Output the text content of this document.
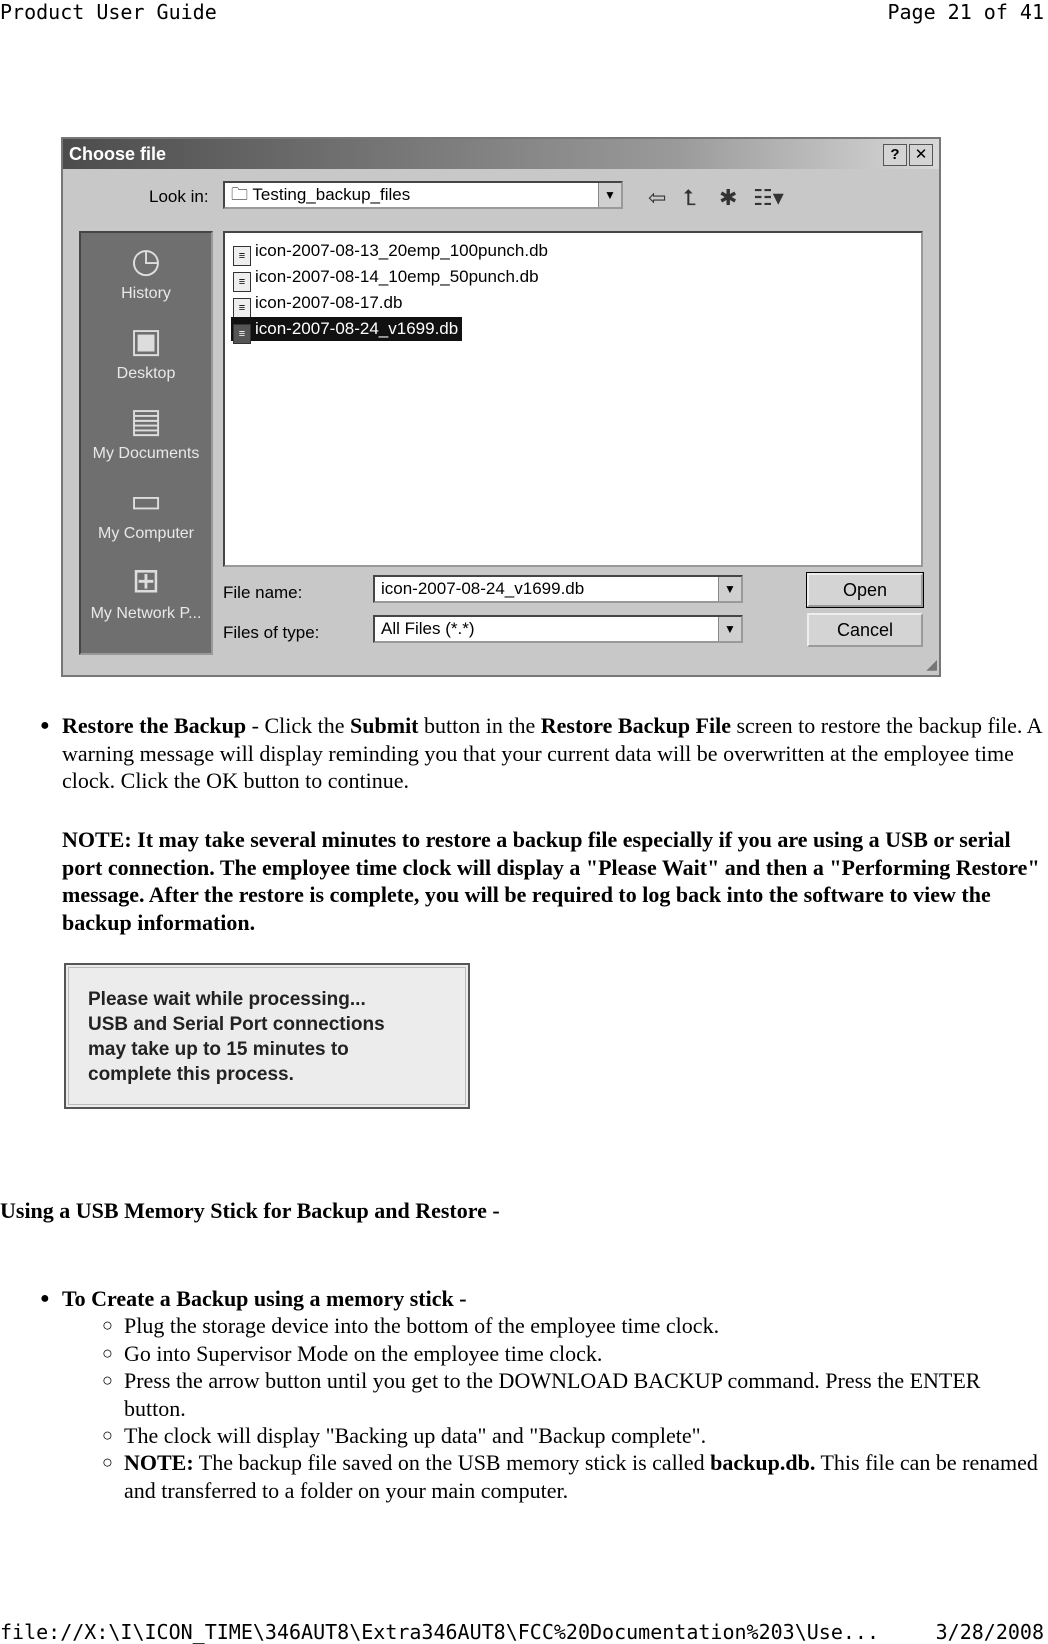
Product User Guide	Page 21 of 41
Choose file	?	✕
Look in:	🗀 Testing_backup_files	▼ ⇦ ⮤ ✱ ☷▾
◷
History
▣
Desktop
▤
My Documents
▭
My Computer
⊞
My Network P...
≡ icon-2007-08-13_20emp_100punch.db
≡ icon-2007-08-14_10emp_50punch.db
≡ icon-2007-08-17.db
≡ icon-2007-08-24_v1699.db
File name:	icon-2007-08-24_v1699.db	▼
Files of type:	All Files (*.*)	▼
Open
Cancel
◢
● Restore the Backup - Click the Submit button in the Restore Backup File screen to restore the backup file. A warning message will display reminding you that your current data will be overwritten at the employee time clock. Click the OK button to continue.
NOTE: It may take several minutes to restore a backup file especially if you are using a USB or serial port connection. The employee time clock will display a "Please Wait" and then a "Performing Restore" message. After the restore is complete, you will be required to log back into the software to view the backup information.
Please wait while processing...
USB and Serial Port connections
may take up to 15 minutes to
complete this process.
Using a USB Memory Stick for Backup and Restore -
● To Create a Backup using a memory stick -
○ Plug the storage device into the bottom of the employee time clock.
○ Go into Supervisor Mode on the employee time clock.
○ Press the arrow button until you get to the DOWNLOAD BACKUP command. Press the ENTER button.
○ The clock will display "Backing up data" and "Backup complete".
○ NOTE: The backup file saved on the USB memory stick is called backup.db. This file can be renamed and transferred to a folder on your main computer.
file://X:\I\ICON_TIME\346AUT8\Extra346AUT8\FCC%20Documentation%203\Use...	3/28/2008
